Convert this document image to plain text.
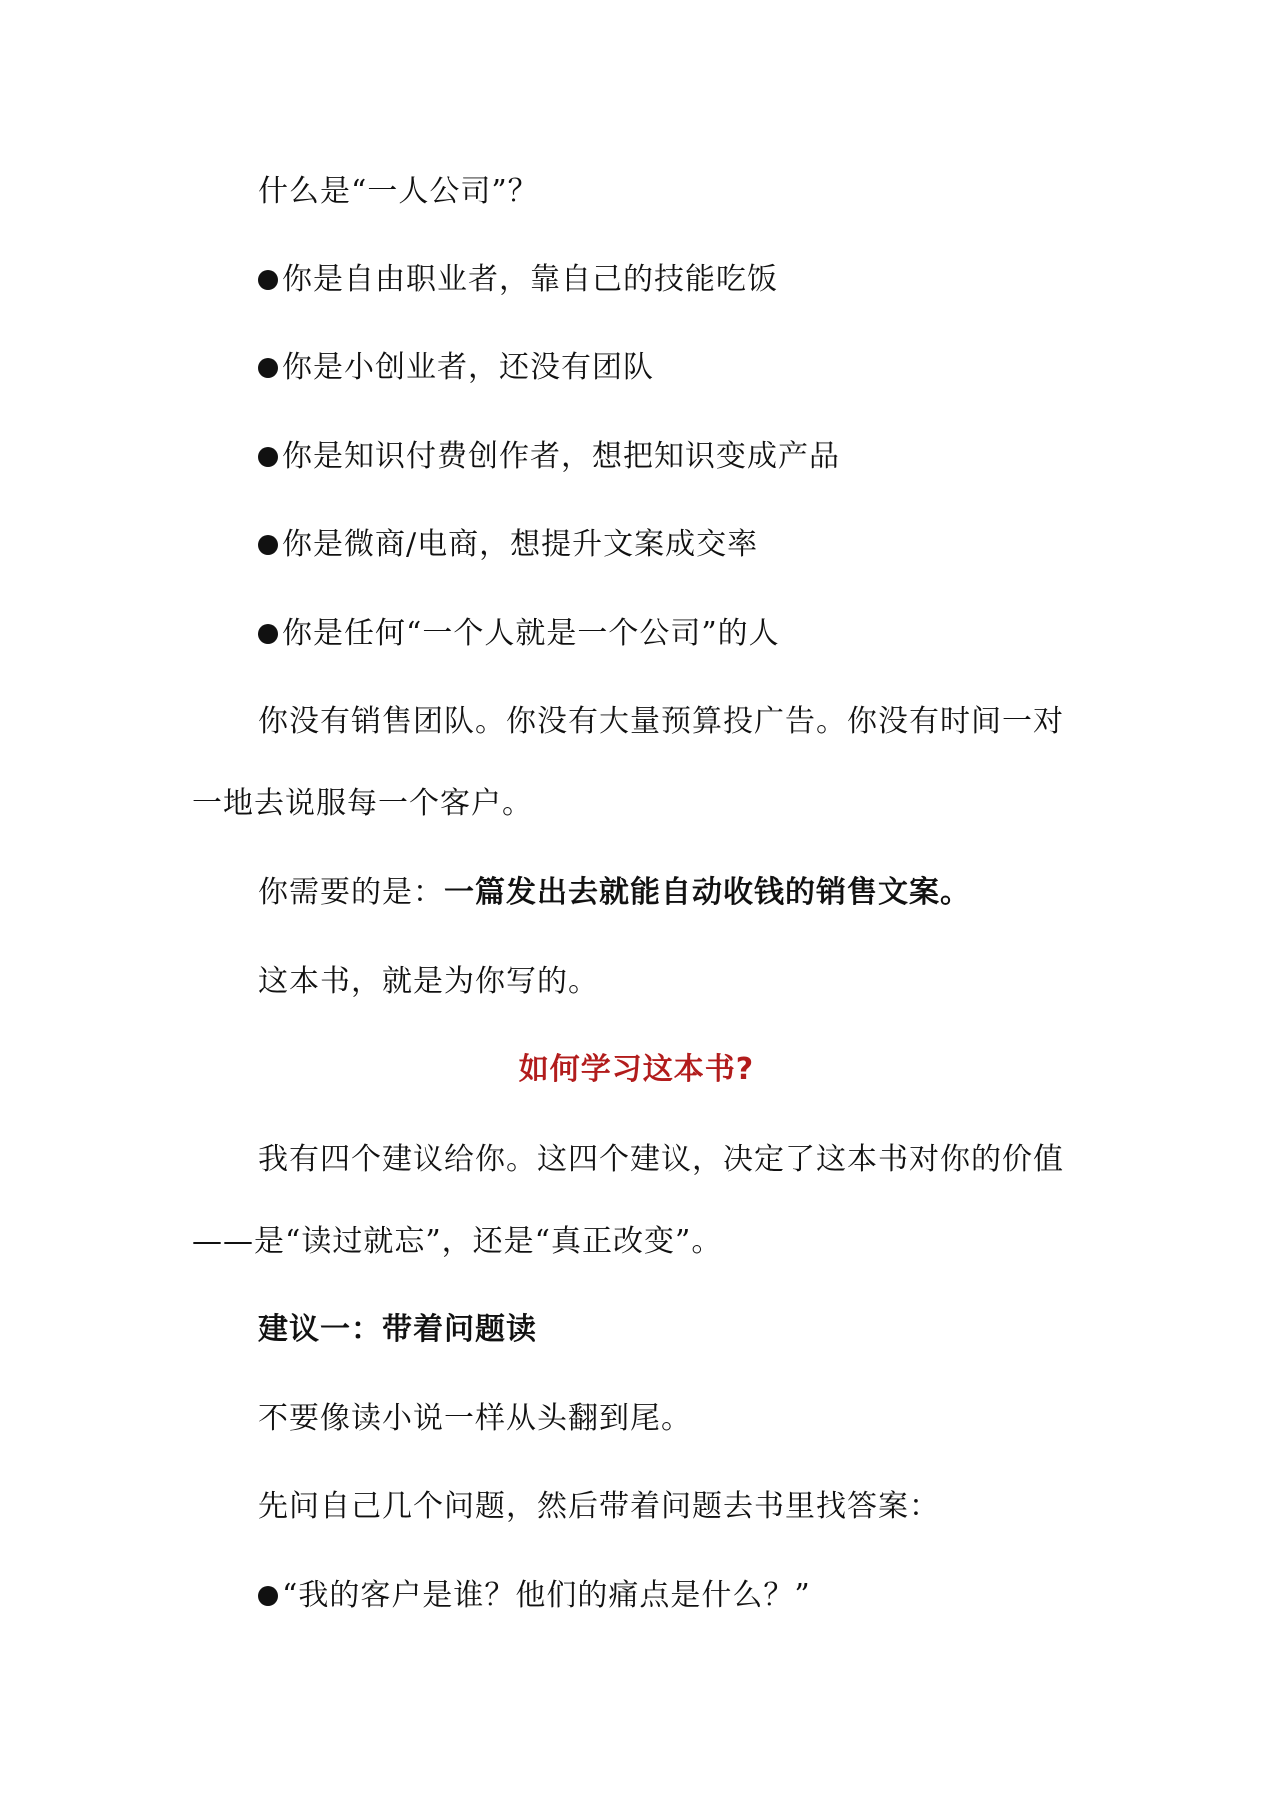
什么是“一人公司”？
你是自由职业者，靠自己的技能吃饭
你是小创业者，还没有团队
你是知识付费创作者，想把知识变成产品
你是微商/电商，想提升文案成交率
你是任何“一个人就是一个公司”的人
你没有销售团队。你没有大量预算投广告。你没有时间一对
一地去说服每一个客户。
你需要的是：一篇发出去就能自动收钱的销售文案。
这本书，就是为你写的。
如何学习这本书?
我有四个建议给你。这四个建议，决定了这本书对你的价值
——是“读过就忘”，还是“真正改变”。
建议一：带着问题读
不要像读小说一样从头翻到尾。
先问自己几个问题，然后带着问题去书里找答案：
“我的客户是谁？他们的痛点是什么？”
